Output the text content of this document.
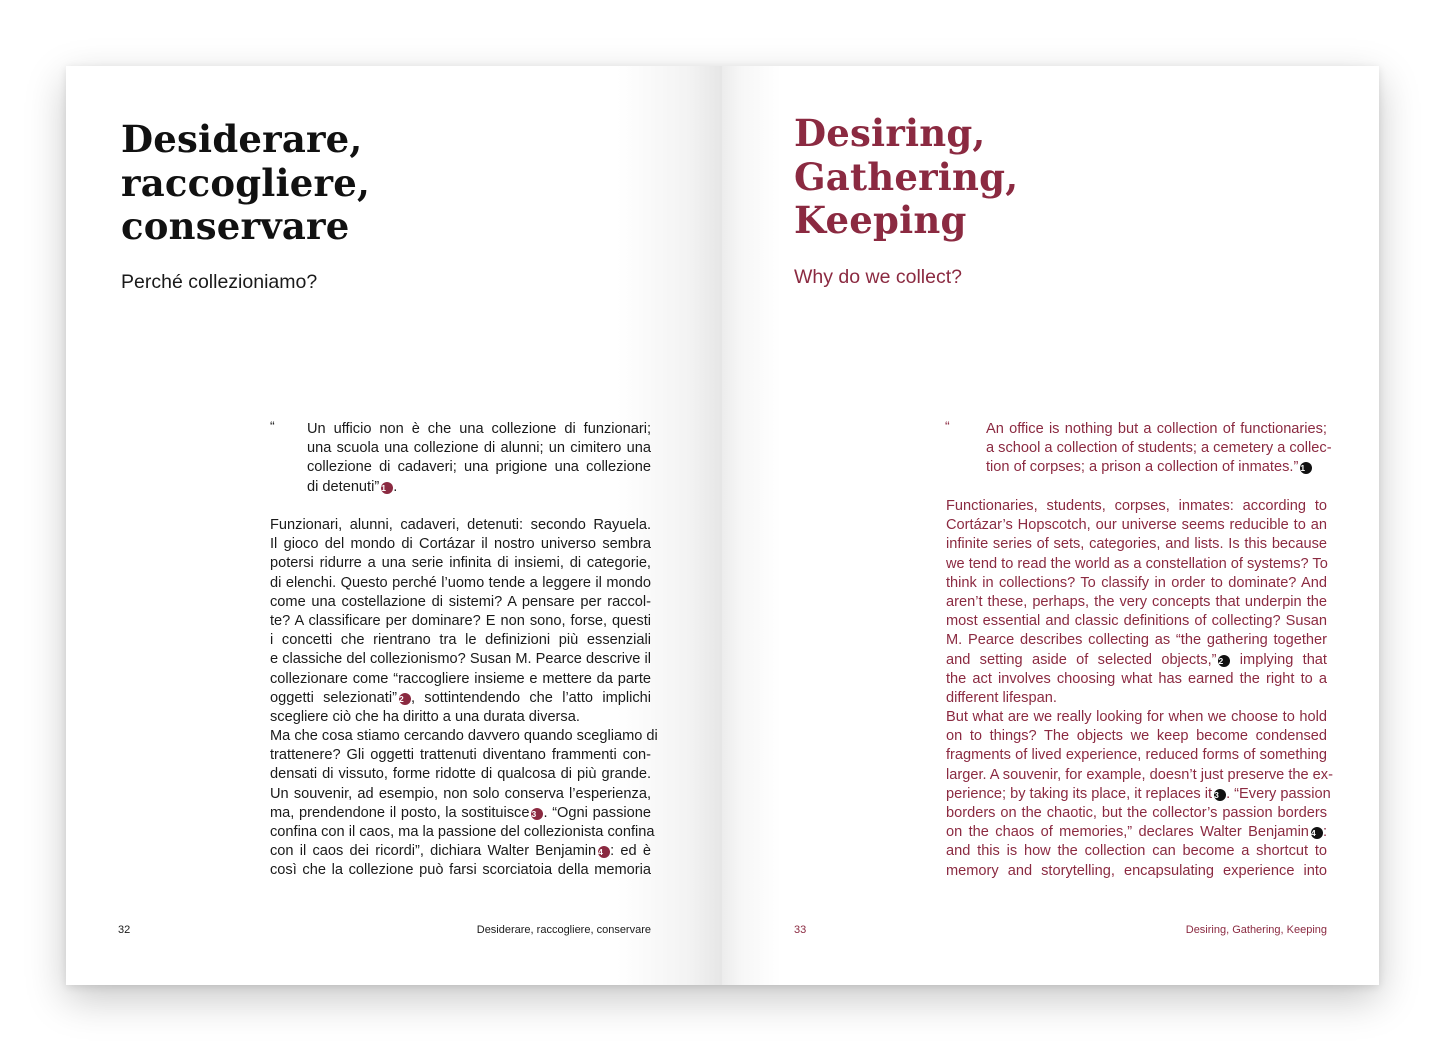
Desiderare,
raccogliere,
conservare
Perché collezioniamo?
“ Un ufficio non è che una collezione di funzionari;
una scuola una collezione di alunni; un cimitero una
collezione di cadaveri; una prigione una collezione
di detenuti” 1 .
Funzionari, alunni, cadaveri, detenuti: secondo Rayuela.
Il gioco del mondo di Cortázar il nostro universo sembra
potersi ridurre a una serie infinita di insiemi, di categorie,
di elenchi. Questo perché l’uomo tende a leggere il mondo
come una costellazione di sistemi? A pensare per raccol-
te? A classificare per dominare? E non sono, forse, questi
i concetti che rientrano tra le definizioni più essenziali
e classiche del collezionismo? Susan M. Pearce descrive il
collezionare come “raccogliere insieme e mettere da parte
oggetti selezionati” 2 , sottintendendo che l’atto implichi
scegliere ciò che ha diritto a una durata diversa.
Ma che cosa stiamo cercando davvero quando scegliamo di
trattenere? Gli oggetti trattenuti diventano frammenti con-
densati di vissuto, forme ridotte di qualcosa di più grande.
Un souvenir, ad esempio, non solo conserva l’esperienza,
ma, prendendone il posto, la sostituisce 3 . “Ogni passione
confina con il caos, ma la passione del collezionista confina
con il caos dei ricordi”, dichiara Walter Benjamin 4 : ed è
così che la collezione può farsi scorciatoia della memoria
32	Desiderare, raccogliere, conservare
Desiring,
Gathering,
Keeping
Why do we collect?
“ An office is nothing but a collection of functionaries;
a school a collection of students; a cemetery a collec-
tion of corpses; a prison a collection of inmates.” 1
Functionaries, students, corpses, inmates: according to
Cortázar’s Hopscotch, our universe seems reducible to an
infinite series of sets, categories, and lists. Is this because
we tend to read the world as a constellation of systems? To
think in collections? To classify in order to dominate? And
aren’t these, perhaps, the very concepts that underpin the
most essential and classic definitions of collecting? Susan
M. Pearce describes collecting as “the gathering together
and setting aside of selected objects,” 2 implying that
the act involves choosing what has earned the right to a
different lifespan.
But what are we really looking for when we choose to hold
on to things? The objects we keep become condensed
fragments of lived experience, reduced forms of something
larger. A souvenir, for example, doesn’t just preserve the ex-
perience; by taking its place, it replaces it 3 . “Every passion
borders on the chaotic, but the collector’s passion borders
on the chaos of memories,” declares Walter Benjamin 4 :
and this is how the collection can become a shortcut to
memory and storytelling, encapsulating experience into
33	Desiring, Gathering, Keeping
